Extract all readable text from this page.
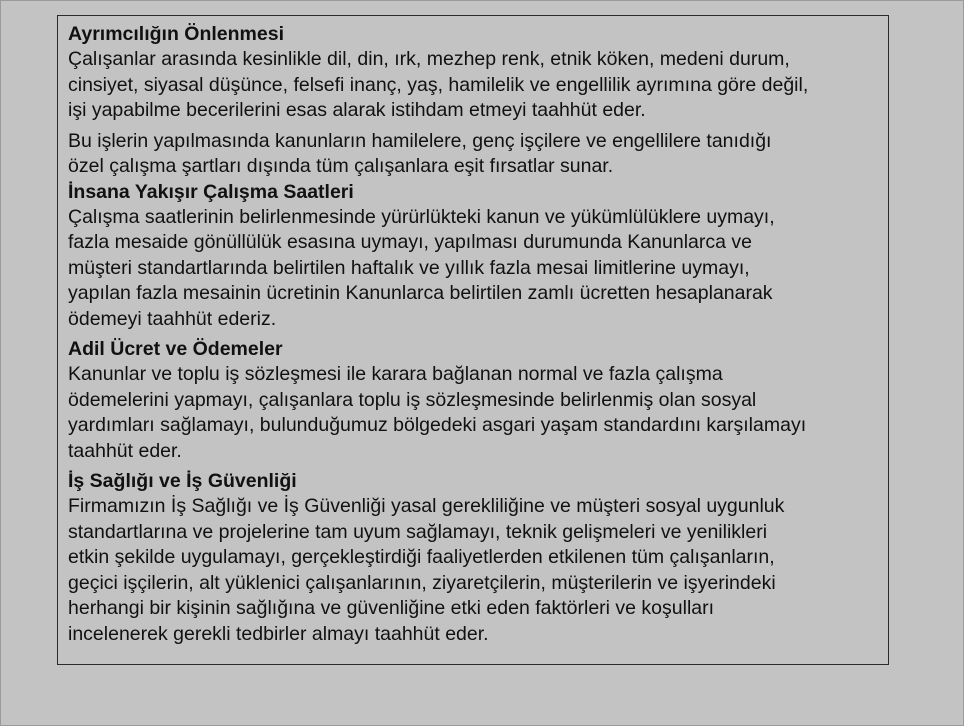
Ayrımcılığın Önlenmesi

Çalışanlar arasında kesinlikle dil, din, ırk, mezhep renk, etnik köken, medeni durum,
cinsiyet, siyasal düşünce, felsefi inanç, yaş, hamilelik ve engellilik ayrımına göre değil,
işi yapabilme becerilerini esas alarak istihdam etmeyi taahhüt eder.

Bu işlerin yapılmasında kanunların hamilelere, genç işçilere ve engellilere tanıdığı
özel çalışma şartları dışında tüm çalışanlara eşit fırsatlar sunar.

İnsana Yakışır Çalışma Saatleri

Çalışma saatlerinin belirlenmesinde yürürlükteki kanun ve yükümlülüklere uymayı,
fazla mesaide gönüllülük esasına uymayı, yapılması durumunda Kanunlarca ve
müşteri standartlarında belirtilen haftalık ve yıllık fazla mesai limitlerine uymayı,
yapılan fazla mesainin ücretinin Kanunlarca belirtilen zamlı ücretten hesaplanarak
ödemeyi taahhüt ederiz.

Adil Ücret ve Ödemeler

Kanunlar ve toplu iş sözleşmesi ile karara bağlanan normal ve fazla çalışma
ödemelerini yapmayı, çalışanlara toplu iş sözleşmesinde belirlenmiş olan sosyal
yardımları sağlamayı, bulunduğumuz bölgedeki asgari yaşam standardını karşılamayı
taahhüt eder.

İş Sağlığı ve İş Güvenliği

Firmamızın İş Sağlığı ve İş Güvenliği yasal gerekliliğine ve müşteri sosyal uygunluk
standartlarına ve projelerine tam uyum sağlamayı, teknik gelişmeleri ve yenilikleri
etkin şekilde uygulamayı, gerçekleştirdiği faaliyetlerden etkilenen tüm çalışanların,
geçici işçilerin, alt yüklenici çalışanlarının, ziyaretçilerin, müşterilerin ve işyerindeki
herhangi bir kişinin sağlığına ve güvenliğine etki eden faktörleri ve koşulları
incelenerek gerekli tedbirler almayı taahhüt eder.
